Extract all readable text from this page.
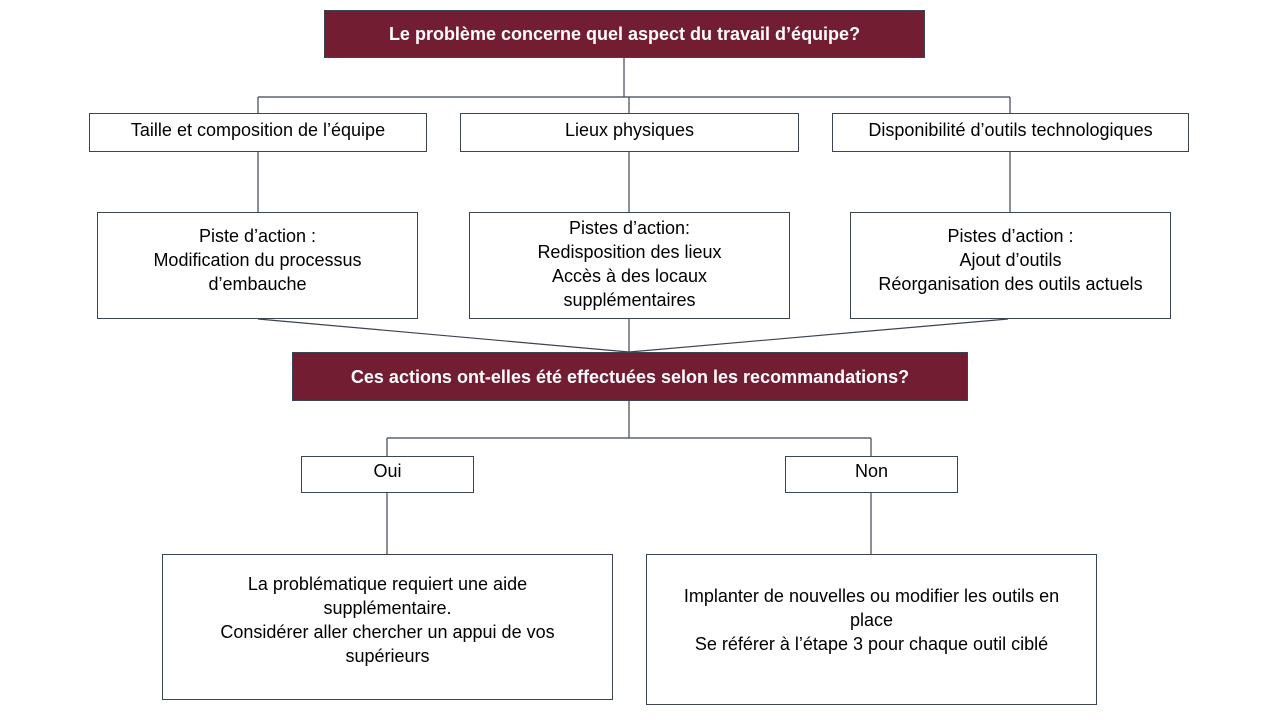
Le problème concerne quel aspect du travail d’équipe?
Taille et composition de l’équipe	Lieux physiques	Disponibilité d’outils technologiques
Piste d’action :
Modification du processus
d’embauche
Pistes d’action:
Redisposition des lieux
Accès à des locaux
supplémentaires
Pistes d’action :
Ajout d’outils
Réorganisation des outils actuels
Ces actions ont-elles été effectuées selon les recommandations?
Oui	Non
La problématique requiert une aide
supplémentaire.
Considérer aller chercher un appui de vos
supérieurs
Implanter de nouvelles ou modifier les outils en
place
Se référer à l’étape 3 pour chaque outil ciblé
